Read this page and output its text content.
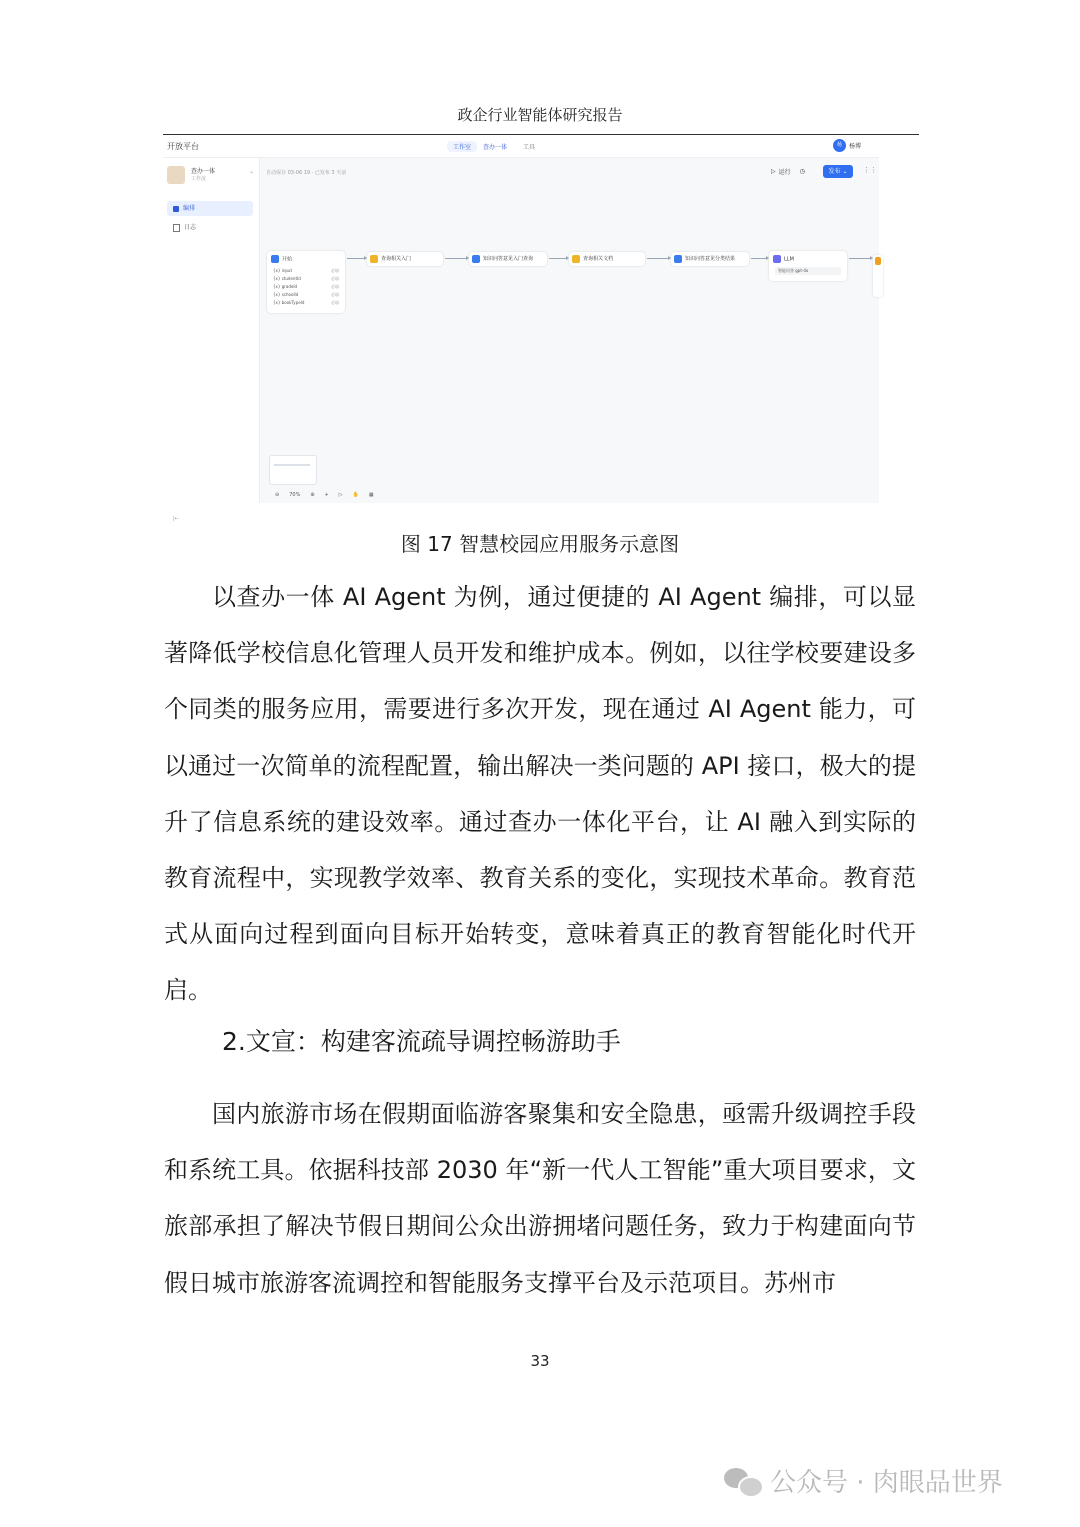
政企行业智能体研究报告
开放平台	工作室	查办一体	工具	杨	杨博
查办一体
工作流
⌄
编排
日志
|←
自动保存 03-06 19 · 已发布 3 天前	▷ 运行 ◷	发布 ⌄	⋮⋮
开始
{x} input	必填
{x} studentId	必填
{x} gradeId	必填
{x} schoolId	必填
{x} bookTypeId	必填
查询相关入门	知识问答意见入门查询	查询相关文档	知识问答意见分类结果	LLM
智能问答 gpt-4o
⊖ 70% ⊕ + ▷ ✋ ▦
图 17 智慧校园应用服务示意图

以查办一体 AI Agent 为例，通过便捷的 AI Agent 编排，可以显著降低学校信息化管理人员开发和维护成本。例如，以往学校要建设多个同类的服务应用，需要进行多次开发，现在通过 AI Agent 能力，可以通过一次简单的流程配置，输出解决一类问题的 API 接口，极大的提升了信息系统的建设效率。通过查办一体化平台，让 AI 融入到实际的教育流程中，实现教学效率、教育关系的变化，实现技术革命。教育范式从面向过程到面向目标开始转变，意味着真正的教育智能化时代开启。

2.文宣：构建客流疏导调控畅游助手

国内旅游市场在假期面临游客聚集和安全隐患，亟需升级调控手段和系统工具。依据科技部 2030 年“新一代人工智能”重大项目要求，文旅部承担了解决节假日期间公众出游拥堵问题任务，致力于构建面向节假日城市旅游客流调控和智能服务支撑平台及示范项目。苏州市

33
公众号 · 肉眼品世界
